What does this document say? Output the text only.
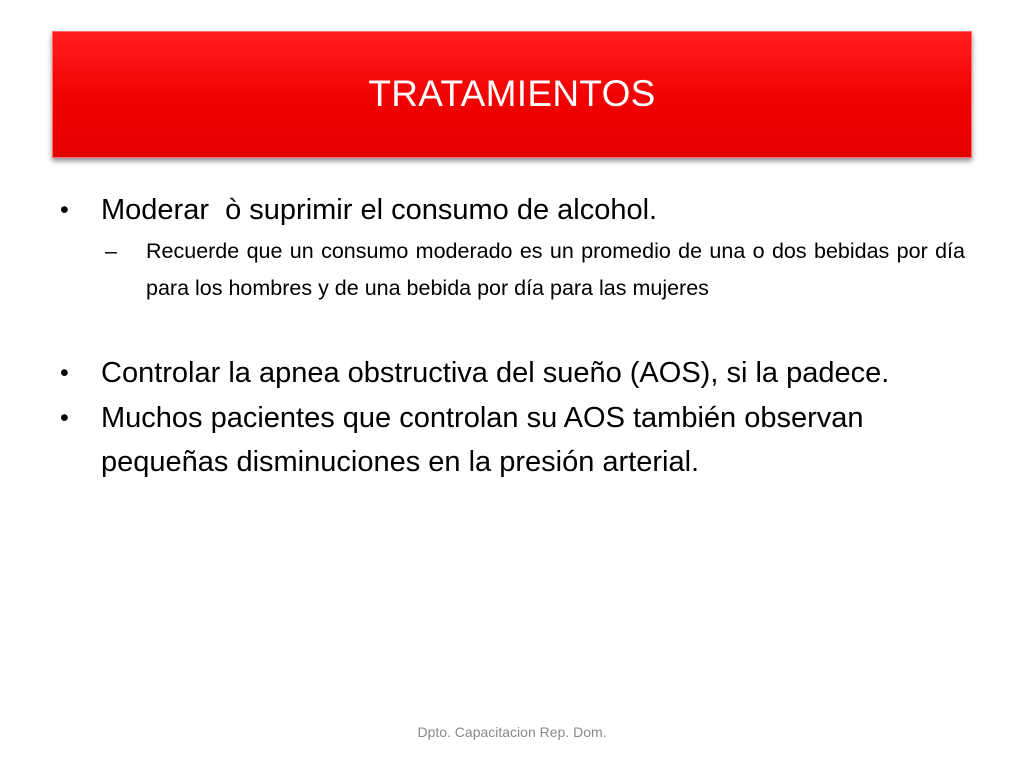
TRATAMIENTOS
• Moderar  ò suprimir el consumo de alcohol.
– Recuerde que un consumo moderado es un promedio de una o dos bebidas por día para los hombres y de una bebida por día para las mujeres
• Controlar la apnea obstructiva del sueño (AOS), si la padece.
• Muchos pacientes que controlan su AOS también observan pequeñas disminuciones en la presión arterial.
Dpto. Capacitacion Rep. Dom.
